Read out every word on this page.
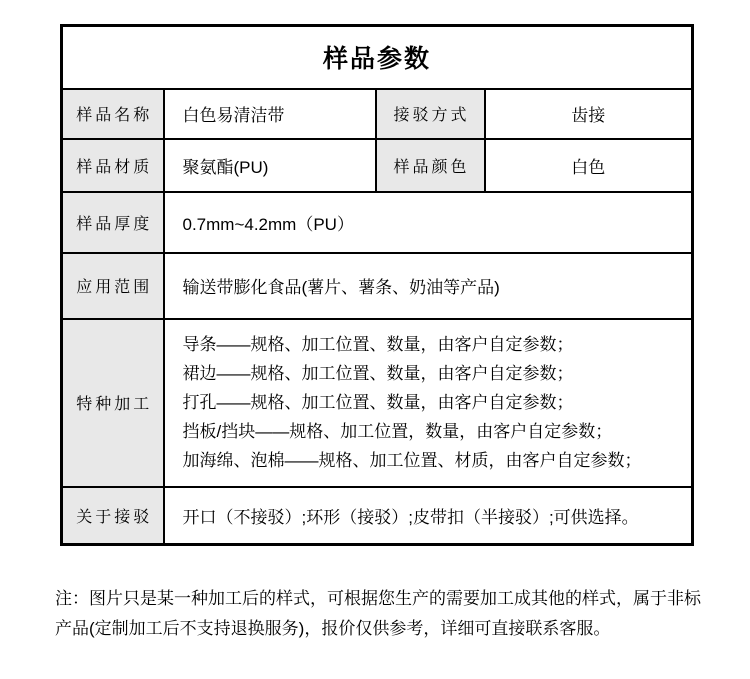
样品参数			
样品名称	白色易清洁带	接驳方式	齿接
样品材质	聚氨酯(PU)	样品颜色	白色
样品厚度	0.7mm~4.2mm（PU）		
应用范围	输送带膨化食品(薯片、薯条、奶油等产品)		
特种加工	导条——规格、加工位置、数量，由客户自定参数；
裙边——规格、加工位置、数量，由客户自定参数；
打孔——规格、加工位置、数量，由客户自定参数；
挡板/挡块——规格、加工位置，数量，由客户自定参数；
加海绵、泡棉——规格、加工位置、材质，由客户自定参数；		

关于接驳	开口（不接驳）;环形（接驳）;皮带扣（半接驳）;可供选择。		
注：图片只是某一种加工后的样式，可根据您生产的需要加工成其他的样式，属于非标产品(定制加工后不支持退换服务)，报价仅供参考，详细可直接联系客服。
